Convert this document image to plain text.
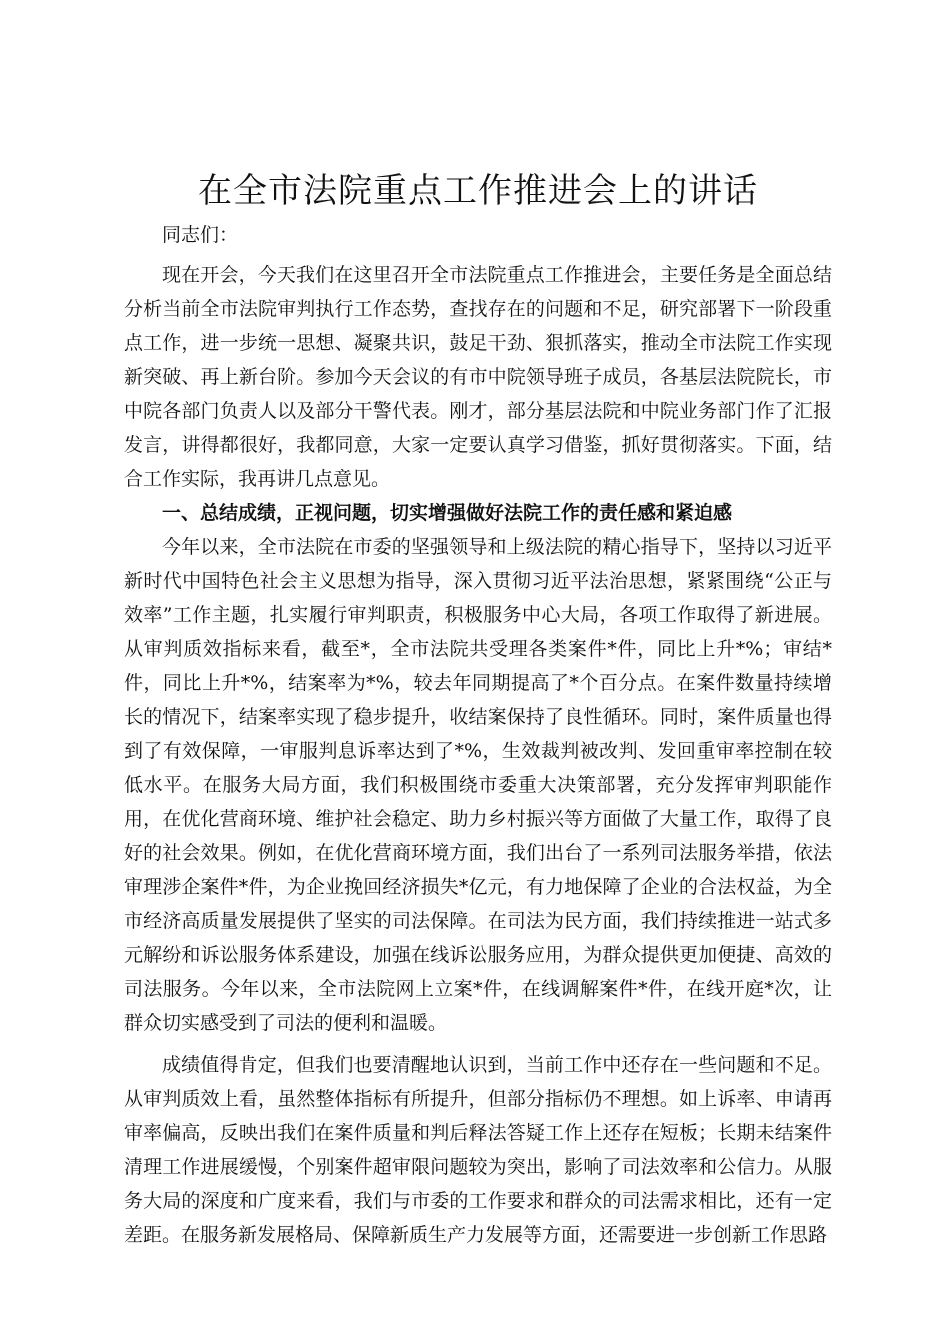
在全市法院重点工作推进会上的讲话

同志们：

现在开会，今天我们在这里召开全市法院重点工作推进会，主要任务是全面总结分析当前全市法院审判执行工作态势，查找存在的问题和不足，研究部署下一阶段重点工作，进一步统一思想、凝聚共识，鼓足干劲、狠抓落实，推动全市法院工作实现新突破、再上新台阶。参加今天会议的有市中院领导班子成员，各基层法院院长，市中院各部门负责人以及部分干警代表。刚才，部分基层法院和中院业务部门作了汇报发言，讲得都很好，我都同意，大家一定要认真学习借鉴，抓好贯彻落实。下面，结合工作实际，我再讲几点意见。

一、总结成绩，正视问题，切实增强做好法院工作的责任感和紧迫感

今年以来，全市法院在市委的坚强领导和上级法院的精心指导下，坚持以习近平新时代中国特色社会主义思想为指导，深入贯彻习近平法治思想，紧紧围绕“公正与效率”工作主题，扎实履行审判职责，积极服务中心大局，各项工作取得了新进展。从审判质效指标来看，截至*，全市法院共受理各类案件*件，同比上升*%；审结*件，同比上升*%，结案率为*%，较去年同期提高了*个百分点。在案件数量持续增长的情况下，结案率实现了稳步提升，收结案保持了良性循环。同时，案件质量也得到了有效保障，一审服判息诉率达到了*%，生效裁判被改判、发回重审率控制在较低水平。在服务大局方面，我们积极围绕市委重大决策部署，充分发挥审判职能作用，在优化营商环境、维护社会稳定、助力乡村振兴等方面做了大量工作，取得了良好的社会效果。例如，在优化营商环境方面，我们出台了一系列司法服务举措，依法审理涉企案件*件，为企业挽回经济损失*亿元，有力地保障了企业的合法权益，为全市经济高质量发展提供了坚实的司法保障。在司法为民方面，我们持续推进一站式多元解纷和诉讼服务体系建设，加强在线诉讼服务应用，为群众提供更加便捷、高效的司法服务。今年以来，全市法院网上立案*件，在线调解案件*件，在线开庭*次，让群众切实感受到了司法的便利和温暖。

成绩值得肯定，但我们也要清醒地认识到，当前工作中还存在一些问题和不足。从审判质效上看，虽然整体指标有所提升，但部分指标仍不理想。如上诉率、申请再审率偏高，反映出我们在案件质量和判后释法答疑工作上还存在短板；长期未结案件清理工作进展缓慢，个别案件超审限问题较为突出，影响了司法效率和公信力。从服务大局的深度和广度来看，我们与市委的工作要求和群众的司法需求相比，还有一定差距。在服务新发展格局、保障新质生产力发展等方面，还需要进一步创新工作思路
